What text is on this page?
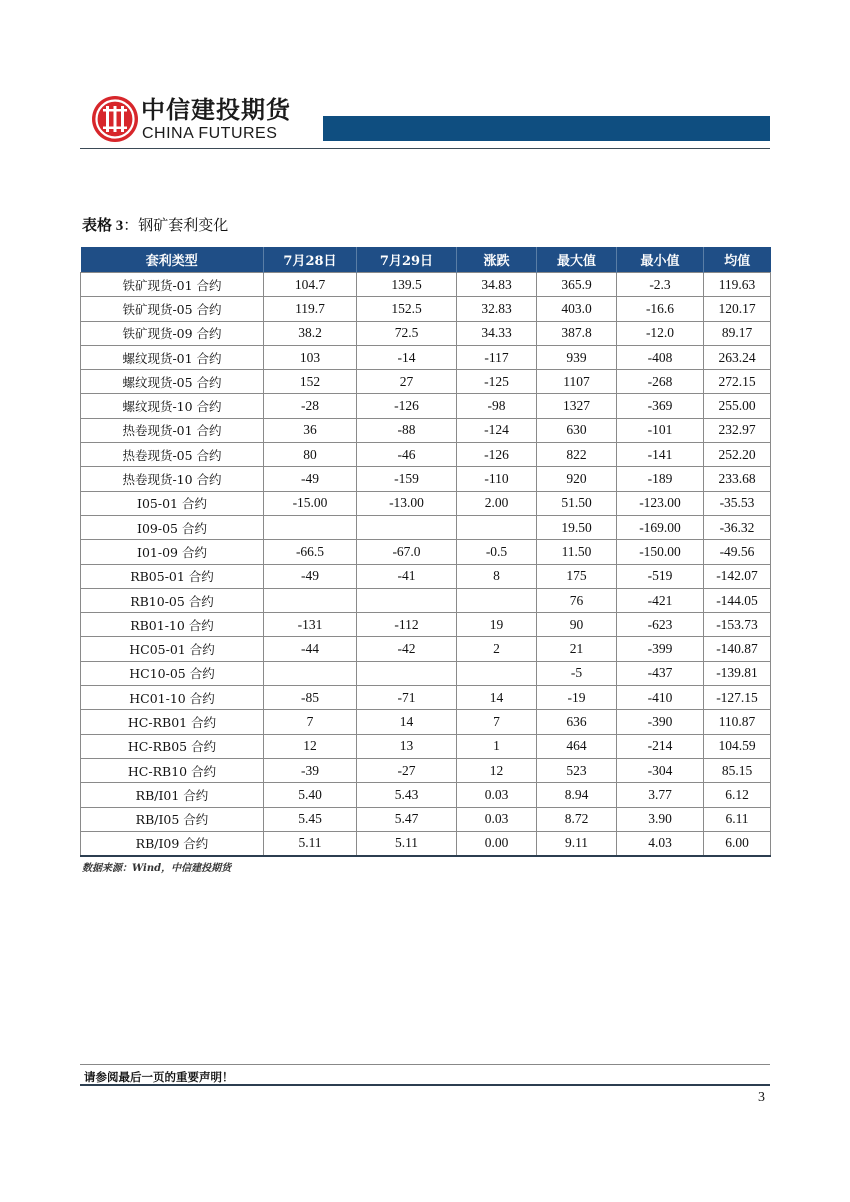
中信建投期货
CHINA FUTURES
表格 3：钢矿套利变化
套利类型	7月28日	7月29日	涨跌	最大值	最小值	均值
铁矿现货-01 合约	104.7	139.5	34.83	365.9	-2.3	119.63
铁矿现货-05 合约	119.7	152.5	32.83	403.0	-16.6	120.17
铁矿现货-09 合约	38.2	72.5	34.33	387.8	-12.0	89.17
螺纹现货-01 合约	103	-14	-117	939	-408	263.24
螺纹现货-05 合约	152	27	-125	1107	-268	272.15
螺纹现货-10 合约	-28	-126	-98	1327	-369	255.00
热卷现货-01 合约	36	-88	-124	630	-101	232.97
热卷现货-05 合约	80	-46	-126	822	-141	252.20
热卷现货-10 合约	-49	-159	-110	920	-189	233.68
I05-01 合约	-15.00	-13.00	2.00	51.50	-123.00	-35.53
I09-05 合约				19.50	-169.00	-36.32
I01-09 合约	-66.5	-67.0	-0.5	11.50	-150.00	-49.56
RB05-01 合约	-49	-41	8	175	-519	-142.07
RB10-05 合约				76	-421	-144.05
RB01-10 合约	-131	-112	19	90	-623	-153.73
HC05-01 合约	-44	-42	2	21	-399	-140.87
HC10-05 合约				-5	-437	-139.81
HC01-10 合约	-85	-71	14	-19	-410	-127.15
HC-RB01 合约	7	14	7	636	-390	110.87
HC-RB05 合约	12	13	1	464	-214	104.59
HC-RB10 合约	-39	-27	12	523	-304	85.15
RB/I01 合约	5.40	5.43	0.03	8.94	3.77	6.12
RB/I05 合约	5.45	5.47	0.03	8.72	3.90	6.11
RB/I09 合约	5.11	5.11	0.00	9.11	4.03	6.00
数据来源：Wind，中信建投期货
请参阅最后一页的重要声明！
3
